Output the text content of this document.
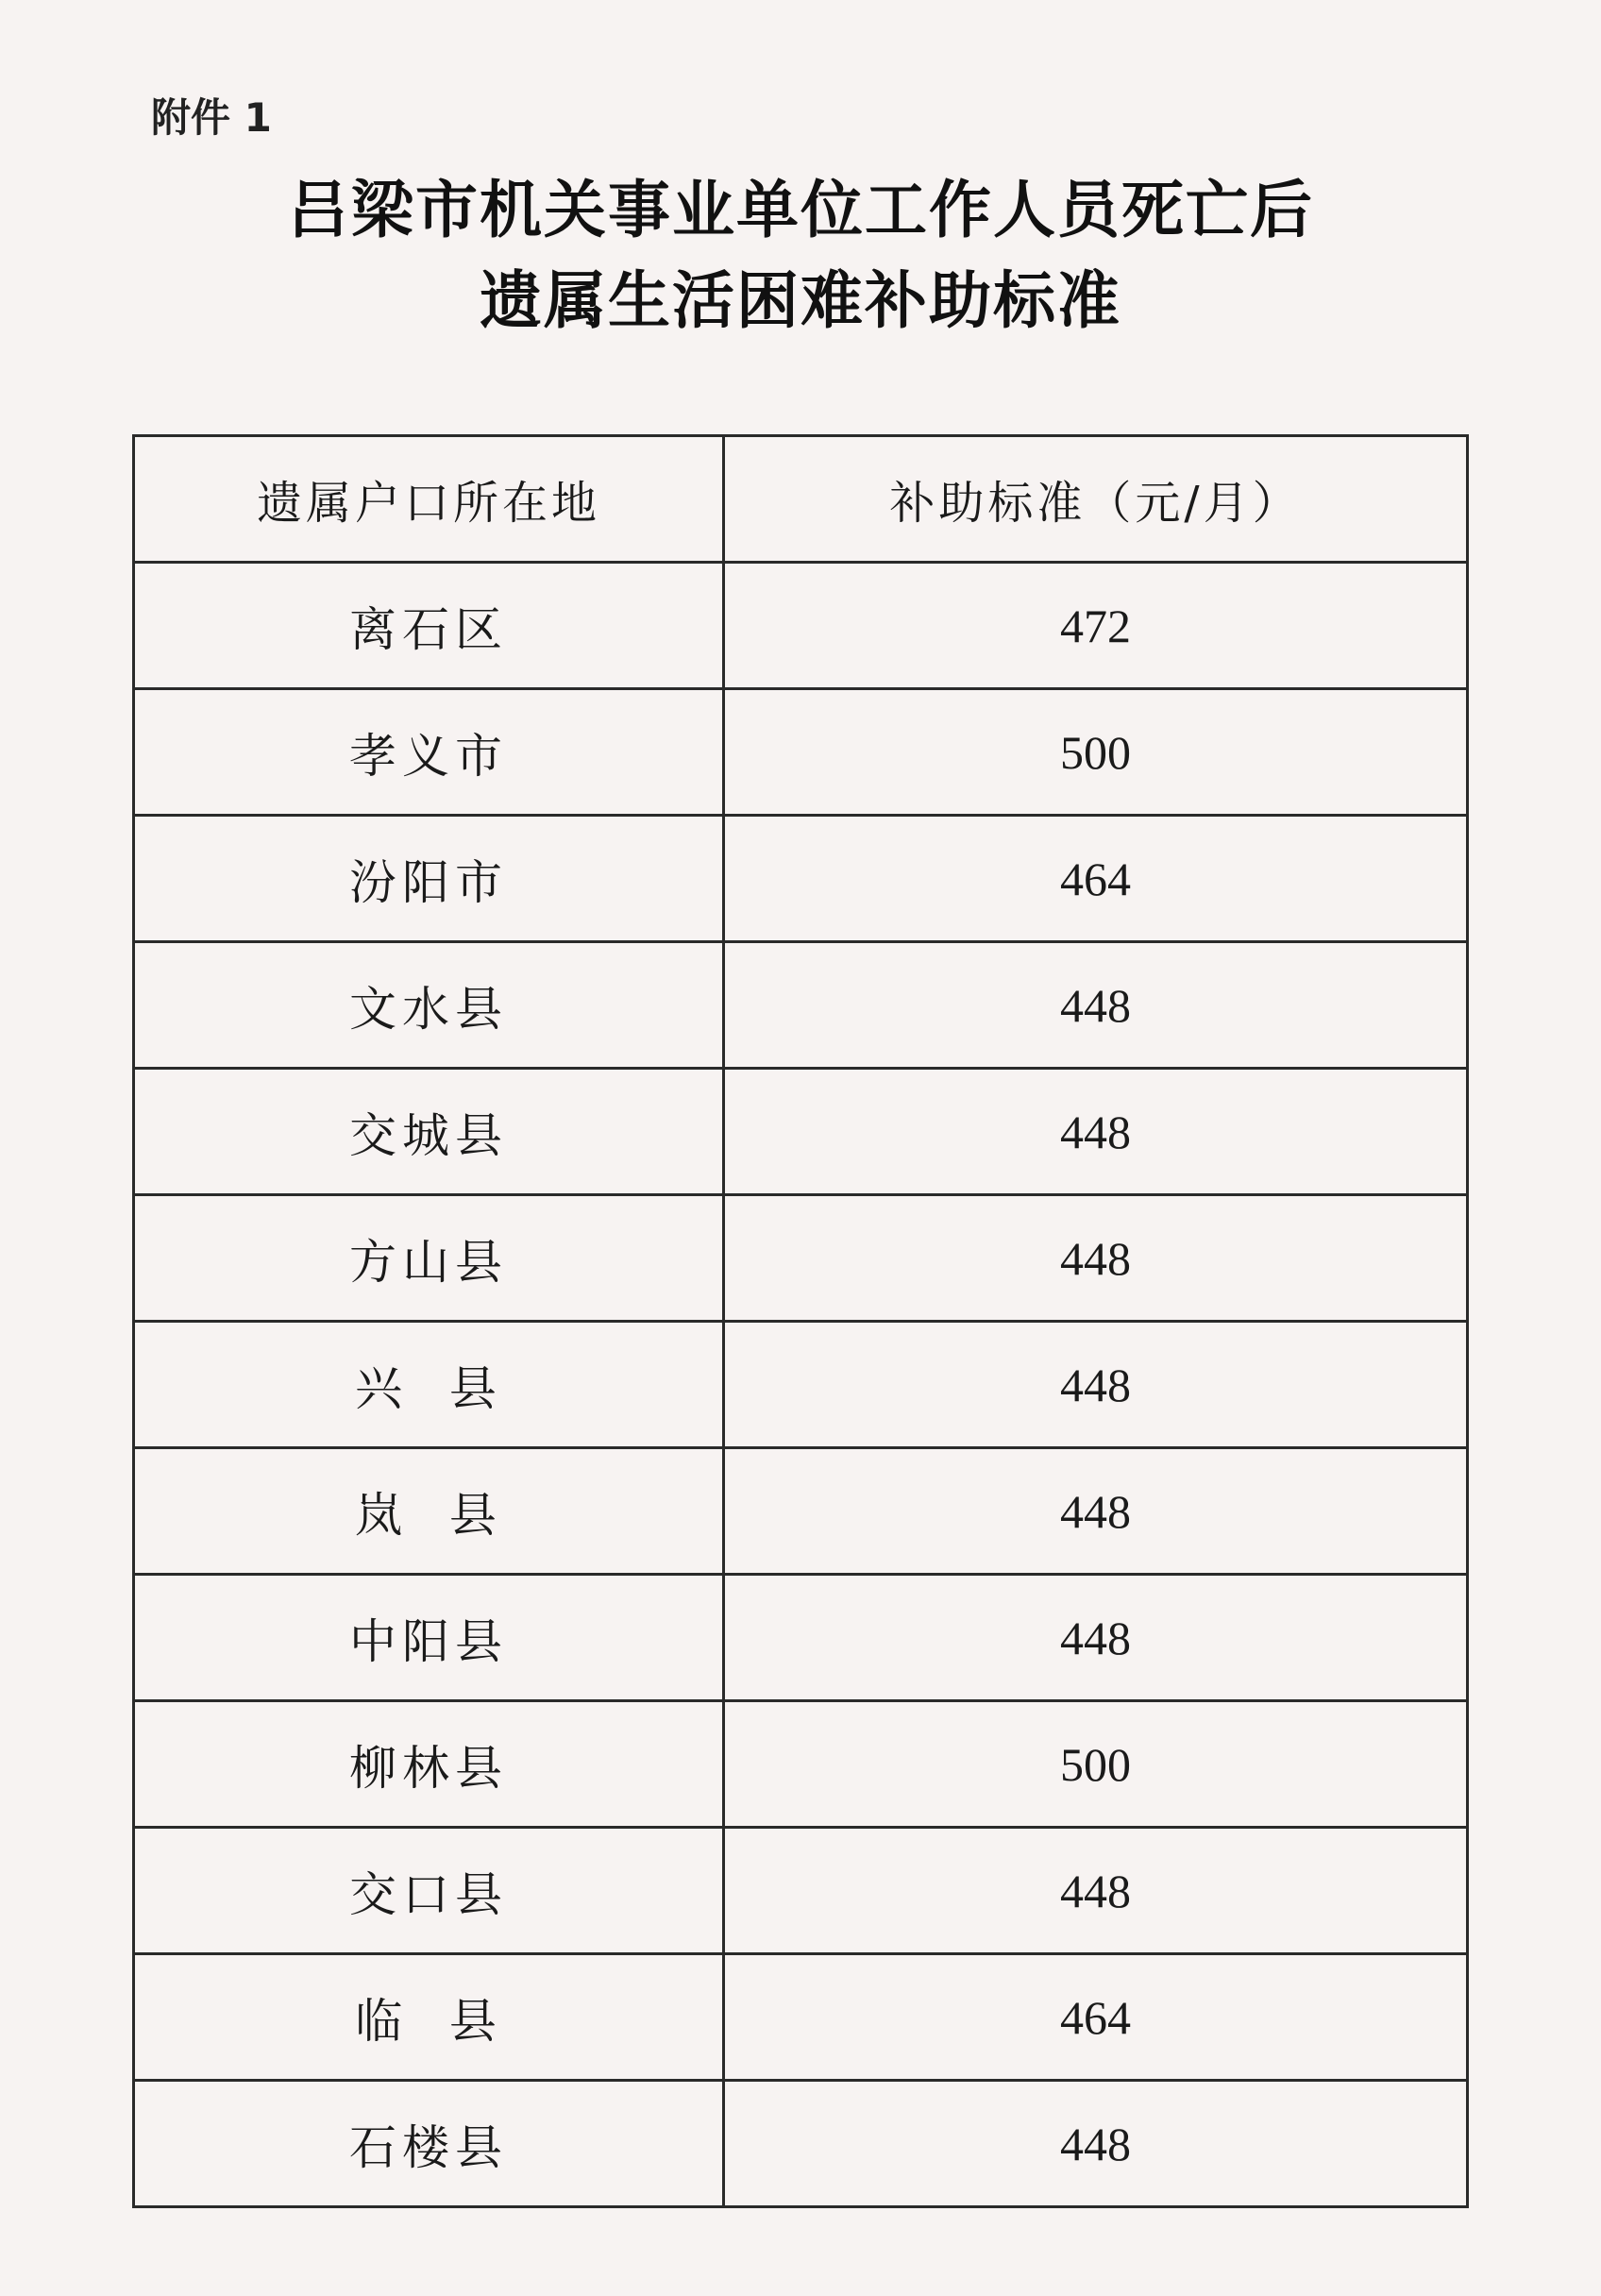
附件 1
吕梁市机关事业单位工作人员死亡后
遗属生活困难补助标准
遗属户口所在地	补助标准（元/月）
离石区	472
孝义市	500
汾阳市	464
文水县	448
交城县	448
方山县	448
兴  县	448
岚  县	448
中阳县	448
柳林县	500
交口县	448
临  县	464
石楼县	448
